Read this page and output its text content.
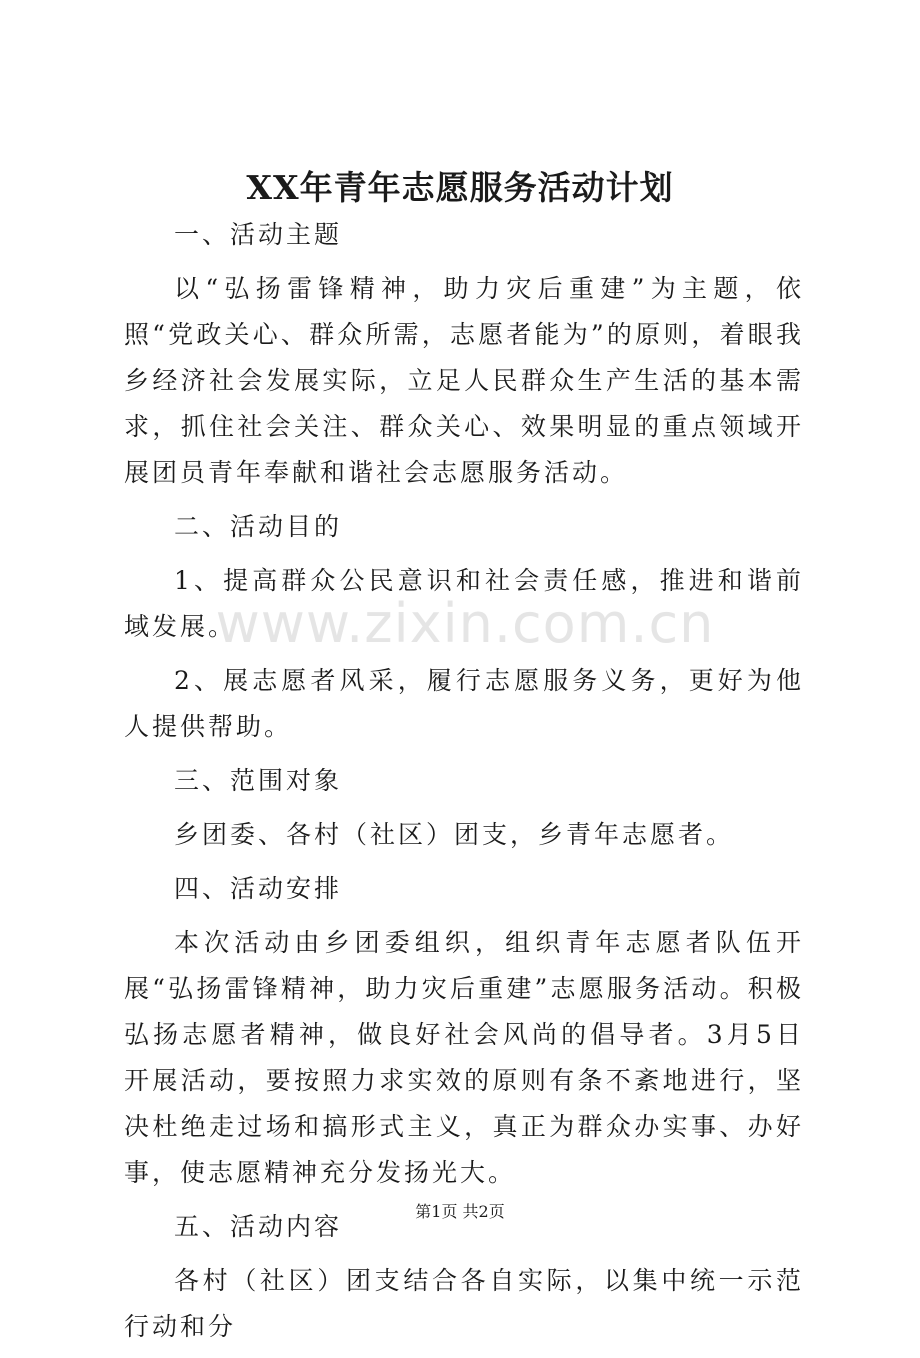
XX年青年志愿服务活动计划
一、活动主题
以“弘扬雷锋精神，助力灾后重建”为主题，依照“党政关心、群众所需，志愿者能为”的原则，着眼我乡经济社会发展实际，立足人民群众生产生活的基本需求，抓住社会关注、群众关心、效果明显的重点领域开展团员青年奉献和谐社会志愿服务活动。
二、活动目的
1、提高群众公民意识和社会责任感，推进和谐前域发展。
2、展志愿者风采，履行志愿服务义务，更好为他人提供帮助。
三、范围对象
乡团委、各村（社区）团支，乡青年志愿者。
四、活动安排
本次活动由乡团委组织，组织青年志愿者队伍开展“弘扬雷锋精神，助力灾后重建”志愿服务活动。积极弘扬志愿者精神，做良好社会风尚的倡导者。3月5日开展活动，要按照力求实效的原则有条不紊地进行，坚决杜绝走过场和搞形式主义，真正为群众办实事、办好事，使志愿精神充分发扬光大。
五、活动内容
各村（社区）团支结合各自实际，以集中统一示范行动和分
www.zixin.com.cn
第1页 共2页
